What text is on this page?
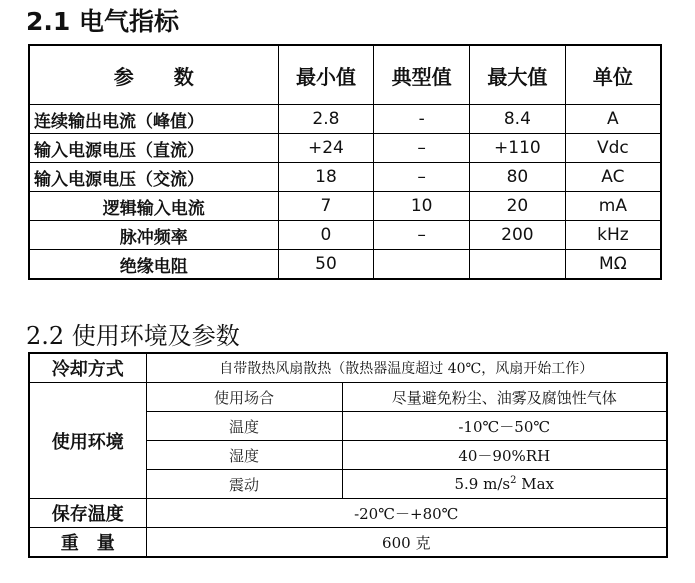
2.1 电气指标
参　　数	最小值	典型值	最大值	单位
连续输出电流（峰值）	2.8	-	8.4	A
输入电源电压（直流）	+24	–	+110	Vdc
输入电源电压（交流）	18	–	80	AC
逻辑输入电流	7	10	20	mA
脉冲频率	0	–	200	kHz
绝缘电阻	50			MΩ
2.2 使用环境及参数
冷却方式	自带散热风扇散热（散热器温度超过 40℃，风扇开始工作）	
使用环境	使用场合	尽量避免粉尘、油雾及腐蚀性气体
	温度	-10℃－50℃
	湿度	40－90%RH
	震动	5.9 $m/s^2$ Max
保存温度	-20℃－+80℃	
重　量	600 克	
